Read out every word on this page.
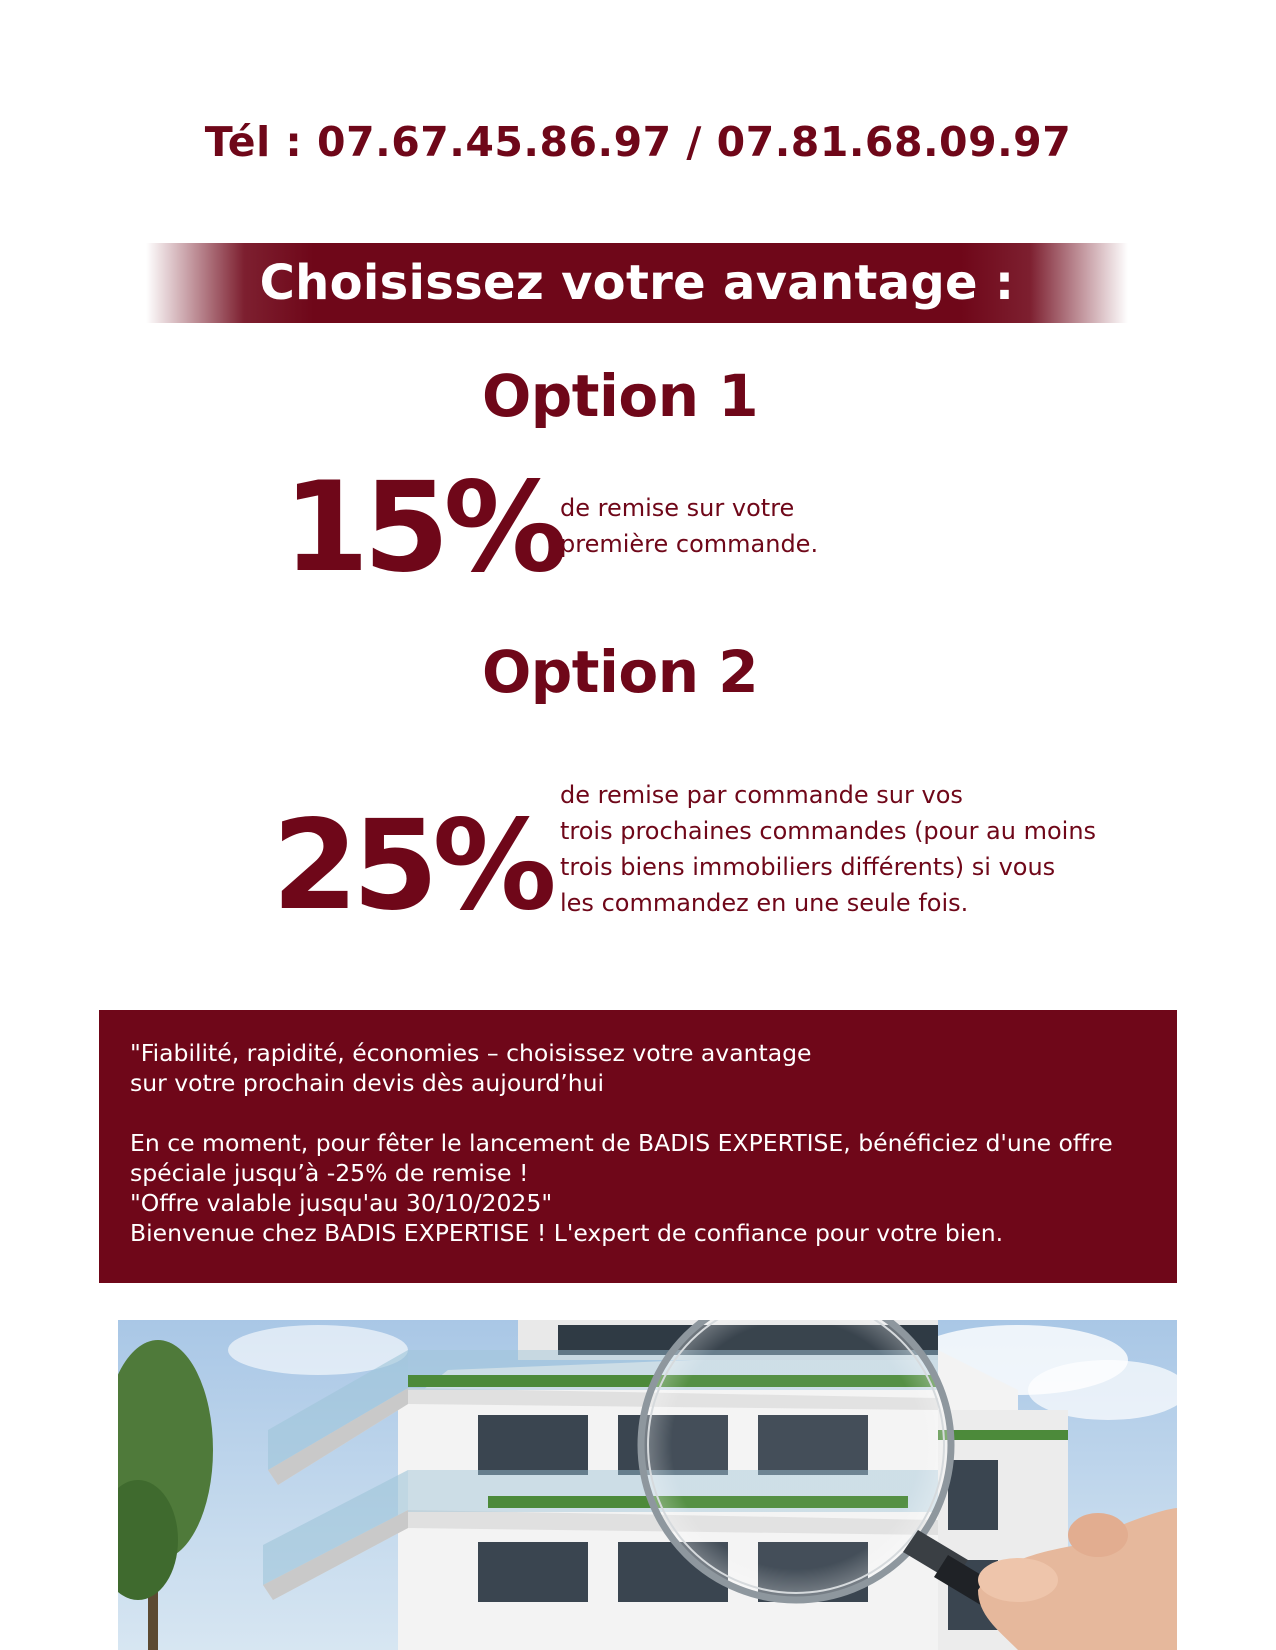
Tél : 07.67.45.86.97 / 07.81.68.09.97
Choisissez votre avantage :
Option 1
15%
de remise sur votre
première commande.
Option 2
25% de remise par commande sur vos
trois prochaines commandes (pour au moins
trois biens immobiliers différents) si vous
les commandez en une seule fois.
"Fiabilité, rapidité, économies – choisissez votre avantage
sur votre prochain devis dès aujourd’hui
En ce moment, pour fêter le lancement de BADIS EXPERTISE, bénéficiez d'une offre
spéciale jusqu’à -25% de remise !
"Offre valable jusqu'au 30/10/2025"
Bienvenue chez BADIS EXPERTISE ! L'expert de confiance pour votre bien.
